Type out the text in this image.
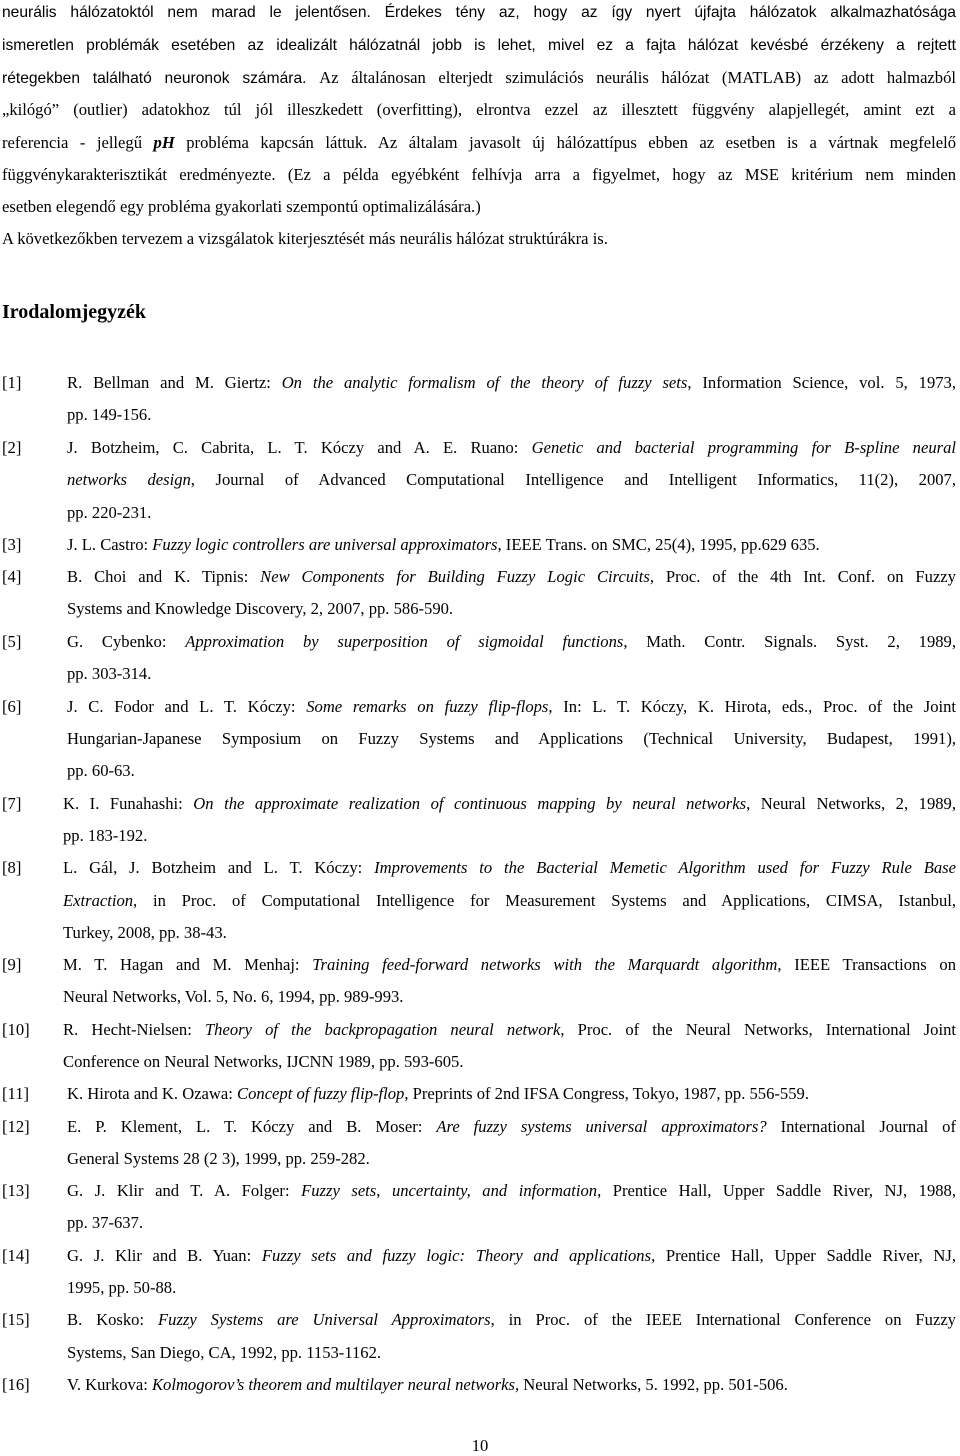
neurális hálózatoktól nem marad le jelentősen. Érdekes tény az, hogy az így nyert újfajta hálózatok alkalmazhatósága
ismeretlen problémák esetében az idealizált hálózatnál jobb is lehet, mivel ez a fajta hálózat kevésbé érzékeny a rejtett
rétegekben található neuronok számára. Az általánosan elterjedt szimulációs neurális hálózat (MATLAB) az adott halmazból
„kilógó” (outlier) adatokhoz túl jól illeszkedett (overfitting), elrontva ezzel az illesztett függvény alapjellegét, amint ezt a
referencia - jellegű pH probléma kapcsán láttuk. Az általam javasolt új hálózattípus ebben az esetben is a vártnak megfelelő
függvénykarakterisztikát eredményezte. (Ez a példa egyébként felhívja arra a figyelmet, hogy az MSE kritérium nem minden
esetben elegendő egy probléma gyakorlati szempontú optimalizálására.)
A következőkben tervezem a vizsgálatok kiterjesztését más neurális hálózat struktúrákra is.
Irodalomjegyzék
[1]	R. Bellman and M. Giertz: On the analytic formalism of the theory of fuzzy sets, Information Science, vol. 5, 1973,
pp. 149-156.
[2]	J. Botzheim, C. Cabrita, L. T. Kóczy and A. E. Ruano: Genetic and bacterial programming for B-spline neural
networks design, Journal of Advanced Computational Intelligence and Intelligent Informatics, 11(2), 2007,
pp. 220-231.
[3]	J. L. Castro: Fuzzy logic controllers are universal approximators, IEEE Trans. on SMC, 25(4), 1995, pp.629 635.
[4]	B. Choi and K. Tipnis: New Components for Building Fuzzy Logic Circuits, Proc. of the 4th Int. Conf. on Fuzzy
Systems and Knowledge Discovery, 2, 2007, pp. 586-590.
[5]	G. Cybenko: Approximation by superposition of sigmoidal functions, Math. Contr. Signals. Syst. 2, 1989,
pp. 303-314.
[6]	J. C. Fodor and L. T. Kóczy: Some remarks on fuzzy flip-flops, In: L. T. Kóczy, K. Hirota, eds., Proc. of the Joint
Hungarian-Japanese Symposium on Fuzzy Systems and Applications (Technical University, Budapest, 1991),
pp. 60-63.
[7]	K. I. Funahashi: On the approximate realization of continuous mapping by neural networks, Neural Networks, 2, 1989,
pp. 183-192.
[8]	L. Gál, J. Botzheim and L. T. Kóczy: Improvements to the Bacterial Memetic Algorithm used for Fuzzy Rule Base
Extraction, in Proc. of Computational Intelligence for Measurement Systems and Applications, CIMSA, Istanbul,
Turkey, 2008, pp. 38-43.
[9]	M. T. Hagan and M. Menhaj: Training feed-forward networks with the Marquardt algorithm, IEEE Transactions on
Neural Networks, Vol. 5, No. 6, 1994, pp. 989-993.
[10] R. Hecht-Nielsen: Theory of the backpropagation neural network, Proc. of the Neural Networks, International Joint
Conference on Neural Networks, IJCNN 1989, pp. 593-605.
[11] K. Hirota and K. Ozawa: Concept of fuzzy flip-flop, Preprints of 2nd IFSA Congress, Tokyo, 1987, pp. 556-559.
[12] E. P. Klement, L. T. Kóczy and B. Moser: Are fuzzy systems universal approximators? International Journal of
General Systems 28 (2 3), 1999, pp. 259-282.
[13] G. J. Klir and T. A. Folger: Fuzzy sets, uncertainty, and information, Prentice Hall, Upper Saddle River, NJ, 1988,
pp. 37-637.
[14] G. J. Klir and B. Yuan: Fuzzy sets and fuzzy logic: Theory and applications, Prentice Hall, Upper Saddle River, NJ,
1995, pp. 50-88.
[15] B. Kosko: Fuzzy Systems are Universal Approximators, in Proc. of the IEEE International Conference on Fuzzy
Systems, San Diego, CA, 1992, pp. 1153-1162.
[16] V. Kurkova: Kolmogorov’s theorem and multilayer neural networks, Neural Networks, 5. 1992, pp. 501-506.
10
